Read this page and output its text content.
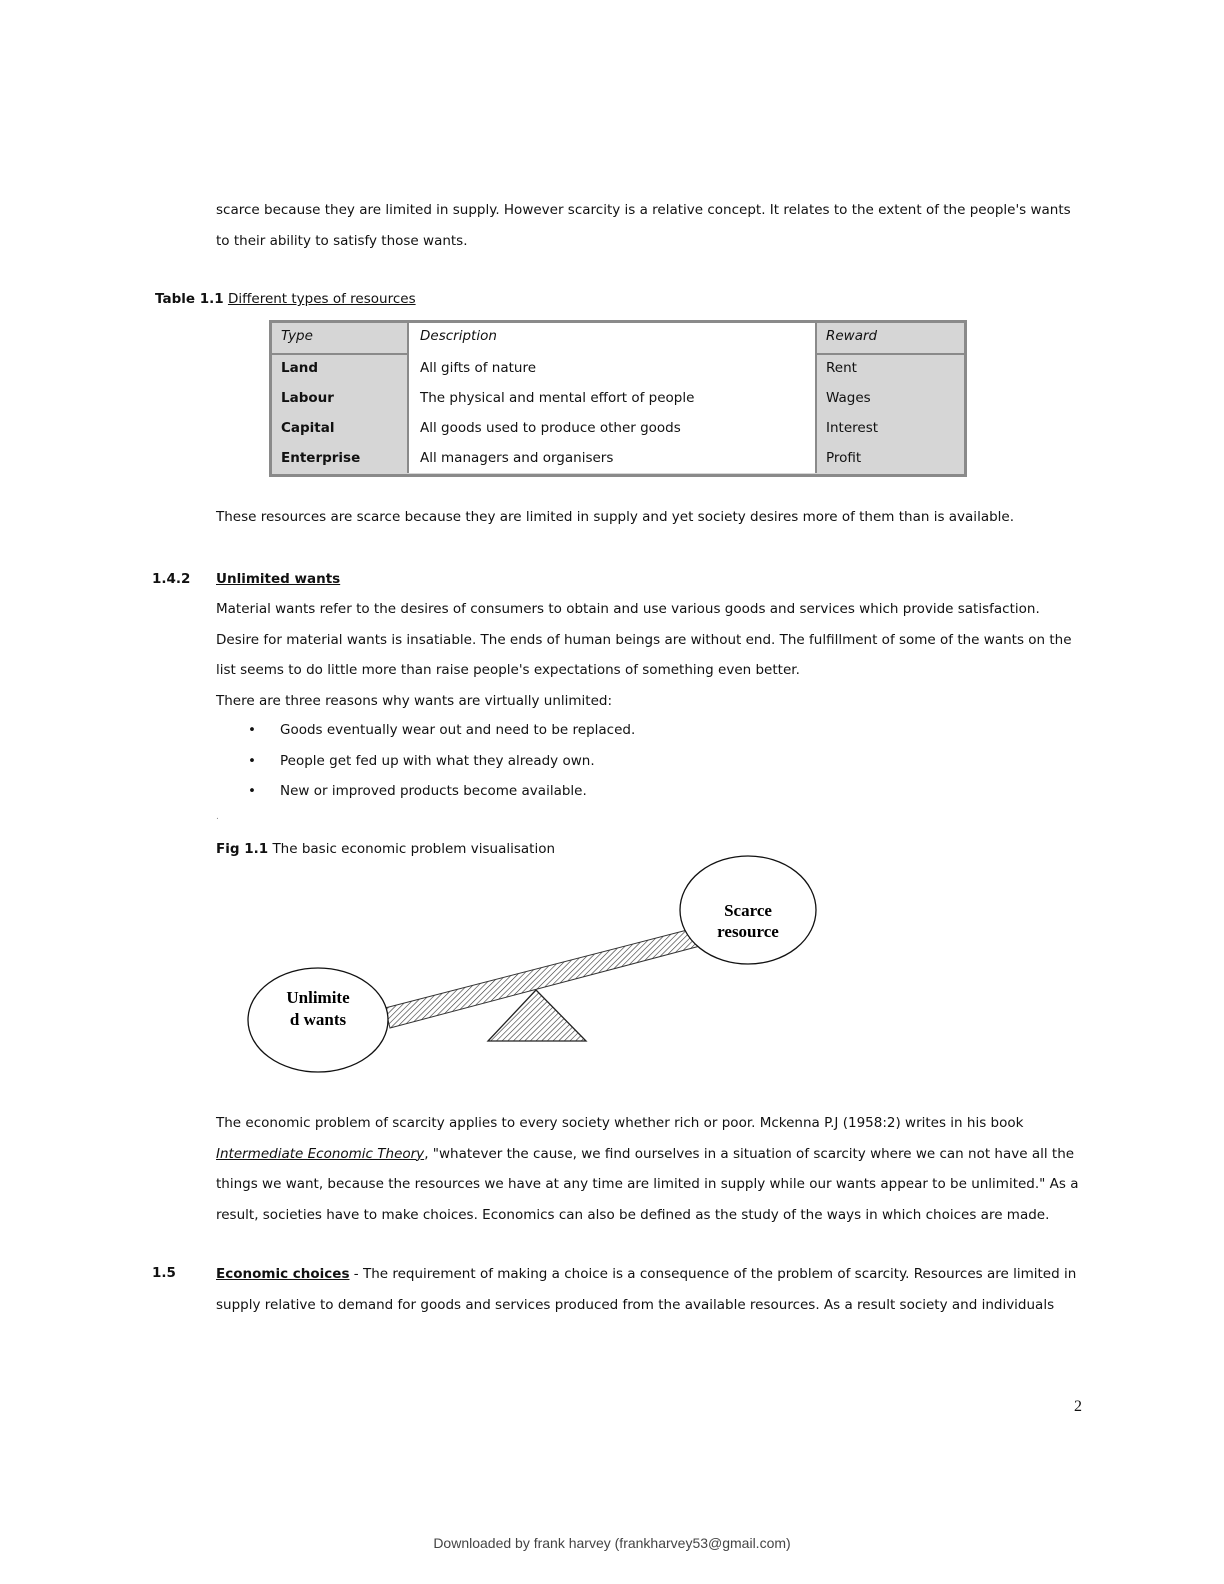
scarce because they are limited in supply. However scarcity is a relative concept. It relates to the extent of the people's wants

to their ability to satisfy those wants.

Table 1.1 Different types of resources
Type	Description	Reward
Land	All gifts of nature	Rent
Labour	The physical and mental effort of people	Wages
Capital	All goods used to produce other goods	Interest
Enterprise	All managers and organisers	Profit
These resources are scarce because they are limited in supply and yet society desires more of them than is available.
1.4.2 Unlimited wants

Material wants refer to the desires of consumers to obtain and use various goods and services which provide satisfaction.

Desire for material wants is insatiable. The ends of human beings are without end. The fulfillment of some of the wants on the

list seems to do little more than raise people's expectations of something even better.

There are three reasons why wants are virtually unlimited:

•	Goods eventually wear out and need to be replaced.
•	People get fed up with what they already own.
•	New or improved products become available.
.
Fig 1.1 The basic economic problem visualisation
Unlimite
d wants
Scarce
resource

The economic problem of scarcity applies to every society whether rich or poor. Mckenna P.J (1958:2) writes in his book

Intermediate Economic Theory, "whatever the cause, we find ourselves in a situation of scarcity where we can not have all the

things we want, because the resources we have at any time are limited in supply while our wants appear to be unlimited." As a

result, societies have to make choices. Economics can also be defined as the study of the ways in which choices are made.

1.5	Economic choices - The requirement of making a choice is a consequence of the problem of scarcity. Resources are limited in

supply relative to demand for goods and services produced from the available resources. As a result society and individuals

2
Downloaded by frank harvey (frankharvey53@gmail.com)
